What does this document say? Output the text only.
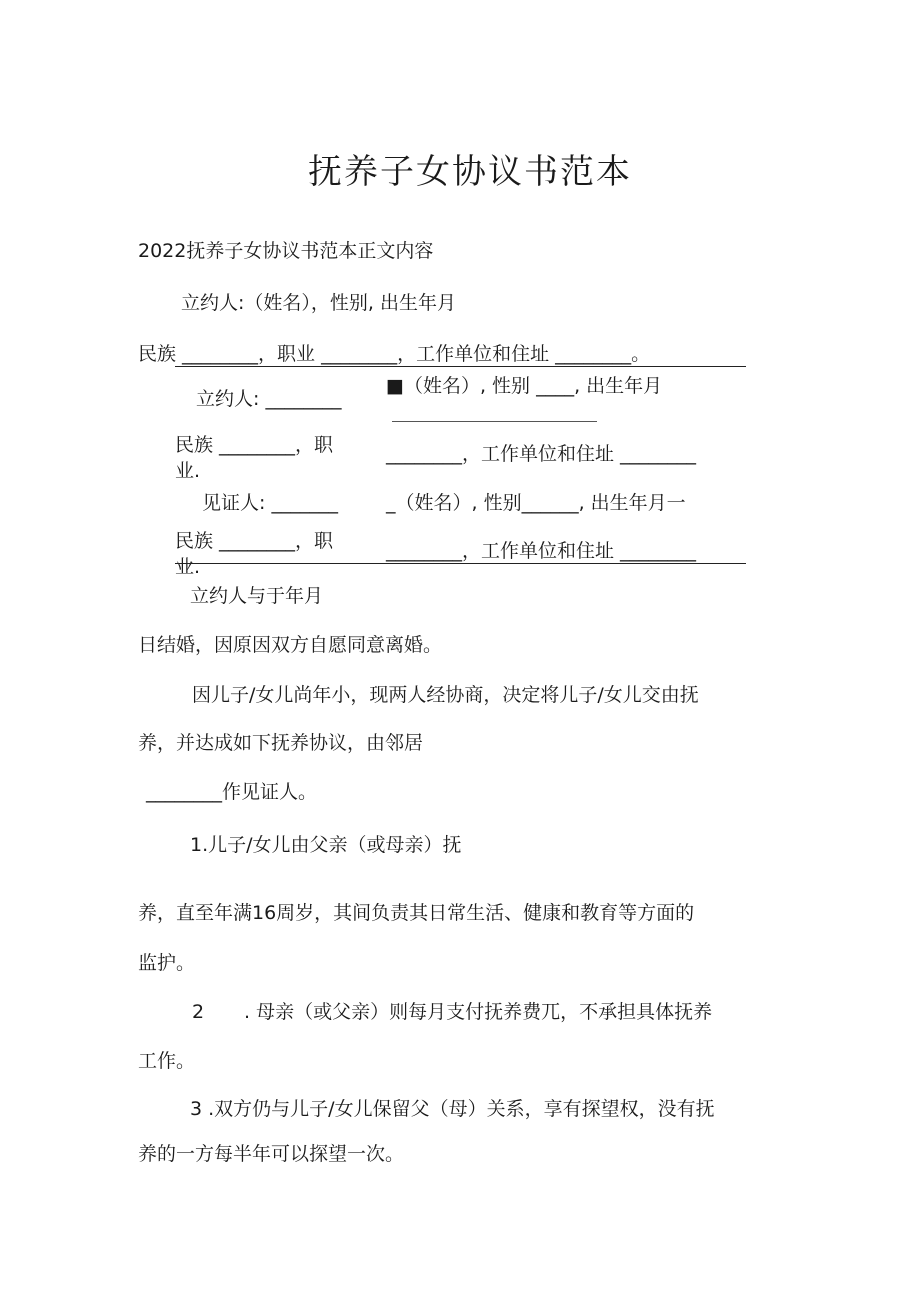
抚养子女协议书范本
2022抚养子女协议书范本正文内容
立约人:（姓名），性别, 出生年月
民族 ________，职业 ________，工作单位和住址 ________。
立约人: ________
■（姓名）, 性别 ____, 出生年月
民族 ________，职
业.
________，工作单位和住址 ________
见证人: _______	_（姓名）, 性别______, 出生年月一
民族 ________，职
业.
________，工作单位和住址 ________
立约人与于年月
日结婚，因原因双方自愿同意离婚。
因儿子/女儿尚年小，现两人经协商，决定将儿子/女儿交由抚
养，并达成如下抚养协议，由邻居
________作见证人。
1.儿子/女儿由父亲（或母亲）抚
养，直至年满16周岁，其间负责其日常生活、健康和教育等方面的
监护。
2 . 母亲（或父亲）则每月支付抚养费兀，不承担具体抚养
工作。
3 .双方仍与儿子/女儿保留父（母）关系，享有探望权，没有抚
养的一方每半年可以探望一次。
